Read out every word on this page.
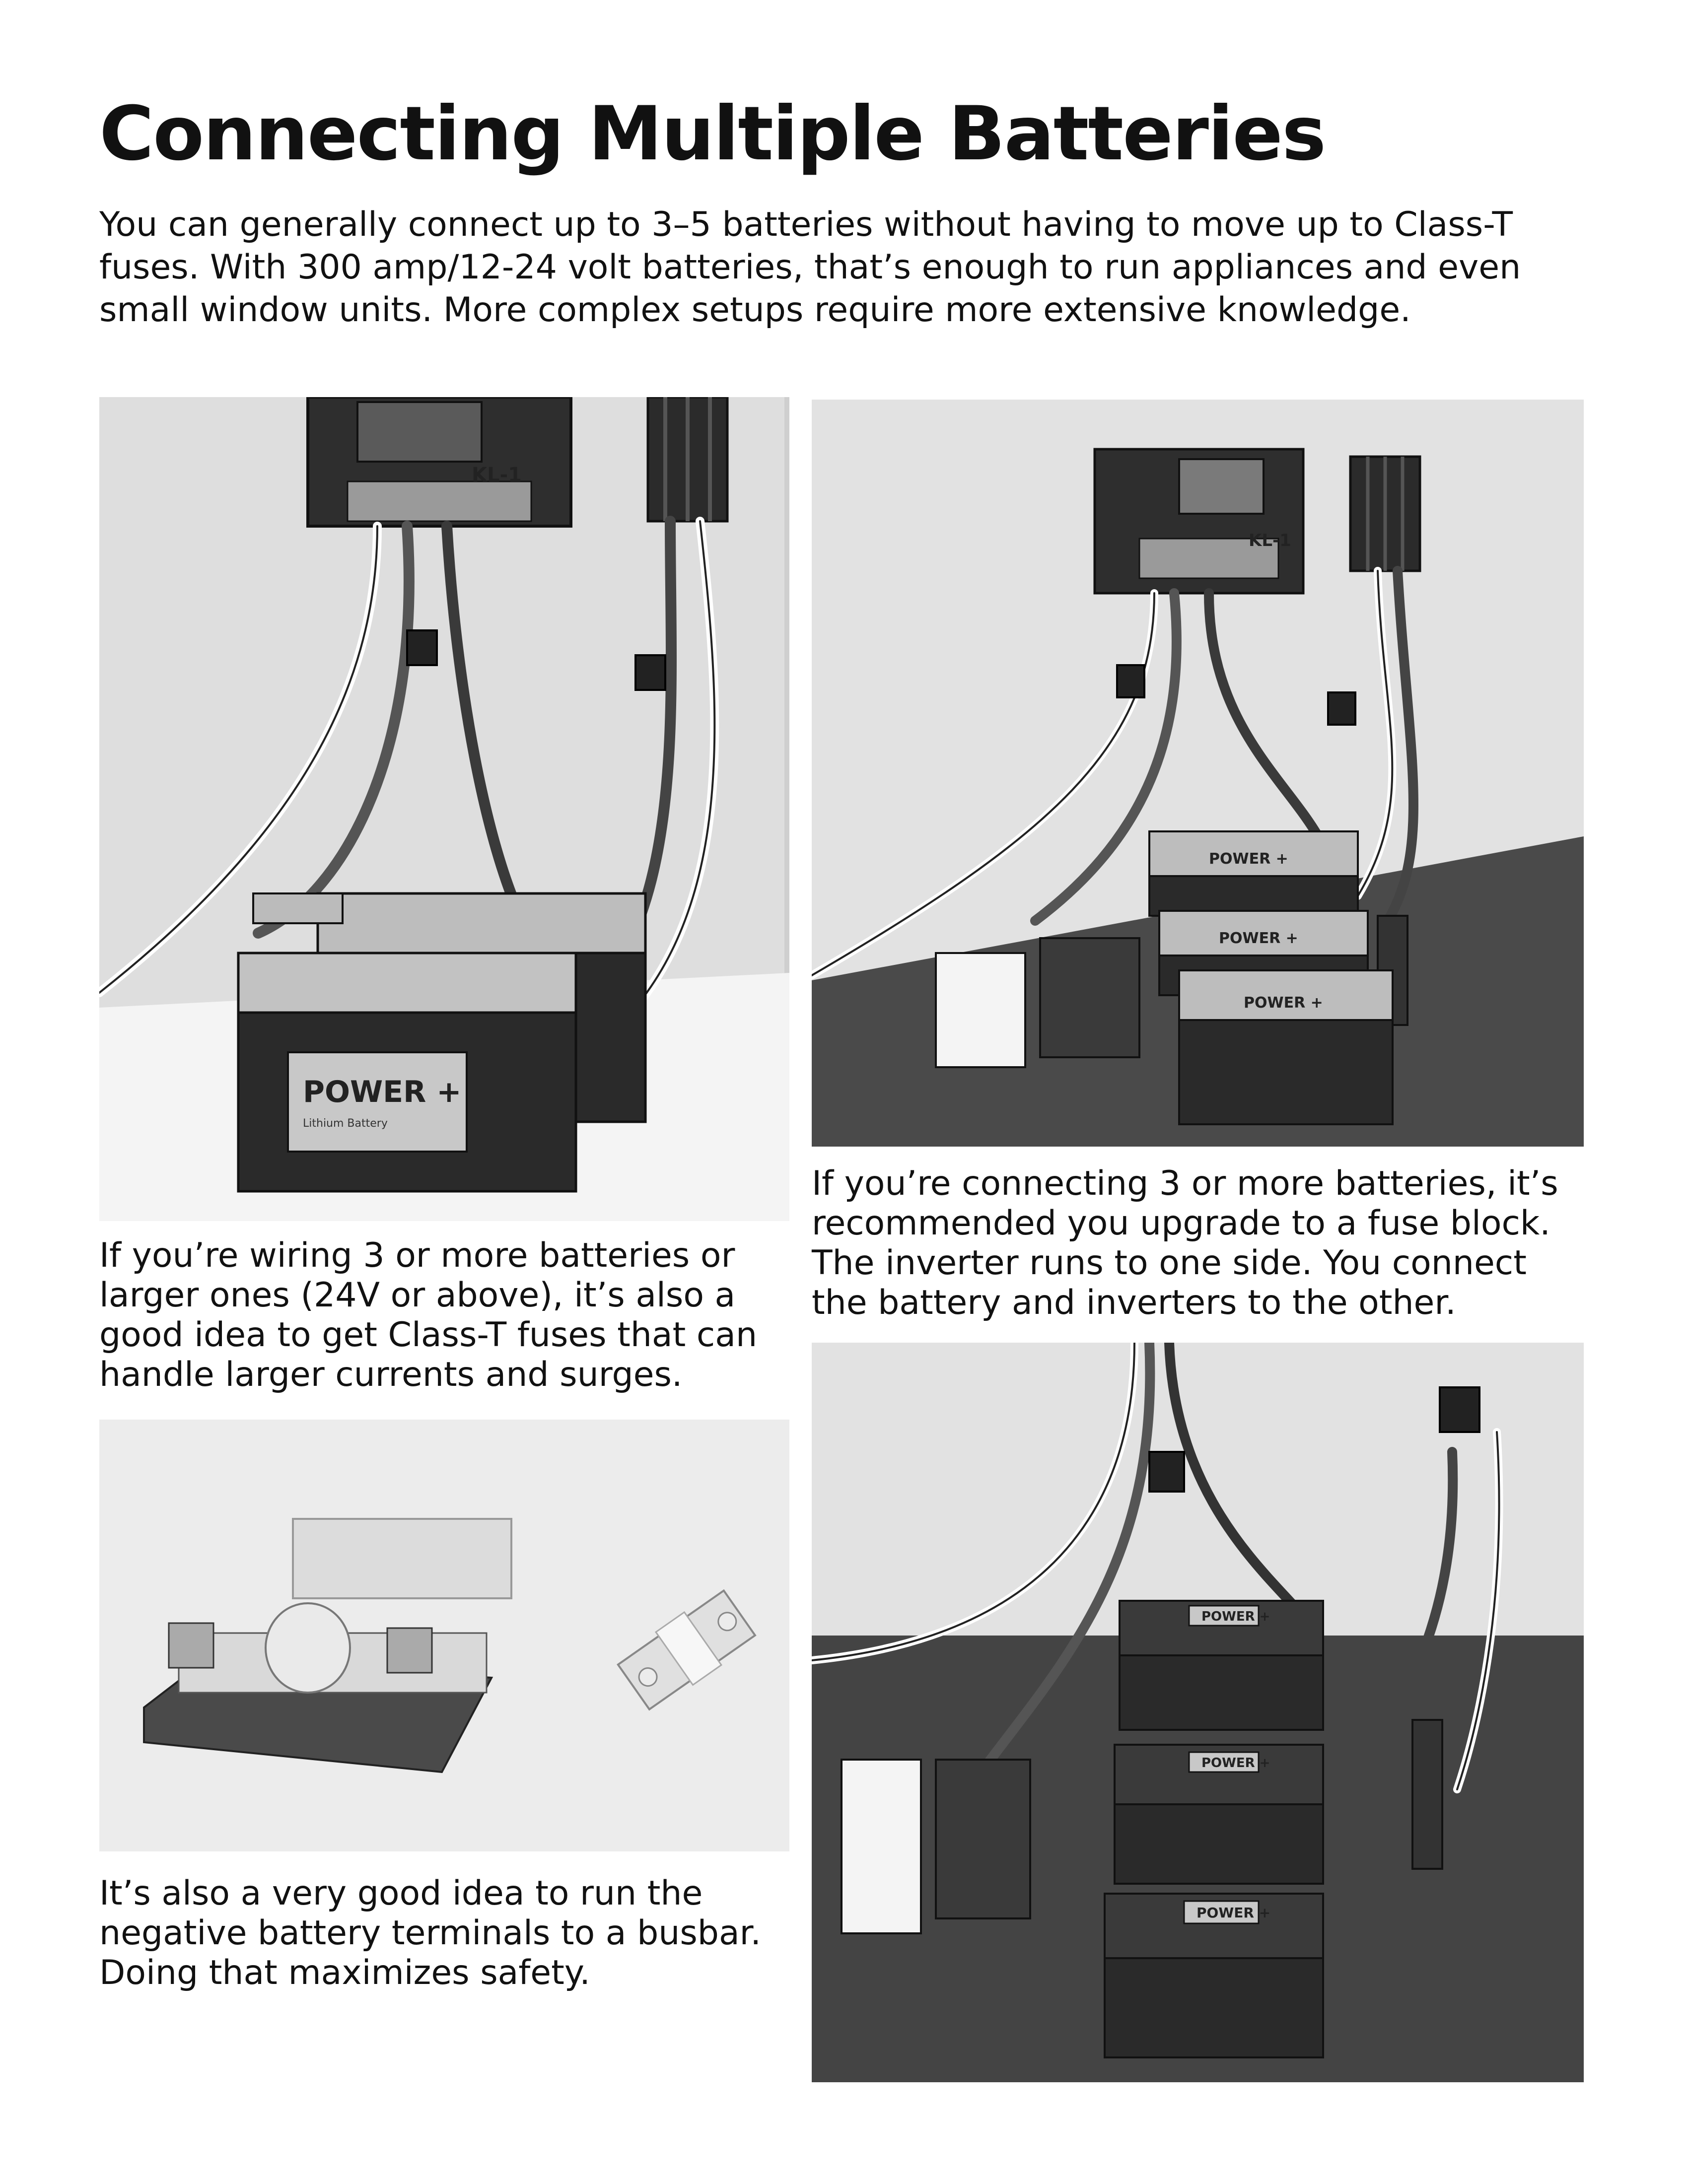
Connecting Multiple Batteries
You can generally connect up to 3–5 batteries without having to move up to Class-T fuses. With 300 amp/12-24 volt batteries, that’s enough to run appliances and even small window units. More complex setups require more extensive knowledge.
KL-1
POWER +
Lithium Battery
If you’re wiring 3 or more batteries or larger ones (24V or above), it’s also a good idea to get Class-T fuses that can handle larger currents and surges.
KL-1
POWER +
POWER +
POWER +
If you’re connecting 3 or more batteries, it’s recommended you upgrade to a fuse block. The inverter runs to one side. You connect the battery and inverters to the other.
It’s also a very good idea to run the negative battery terminals to a busbar. Doing that maximizes safety.
POWER +
POWER +
POWER +
